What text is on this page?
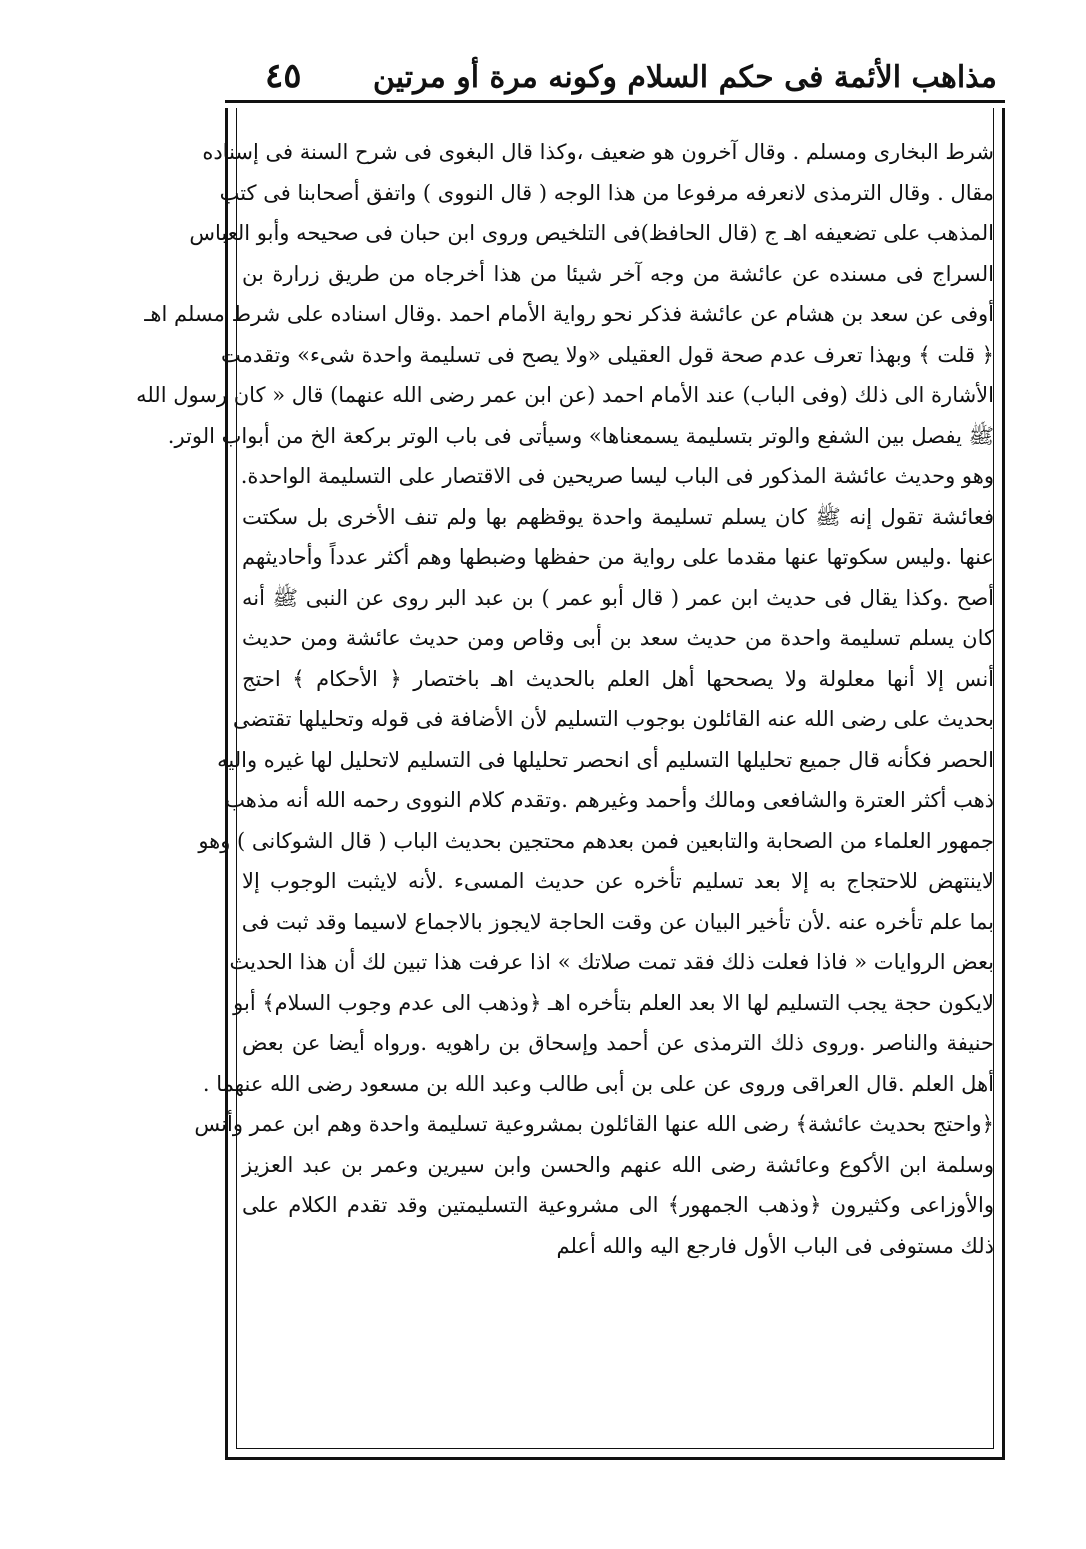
مذاهب الأئمة فى حكم السلام وكونه مرة أو مرتين
٤٥
شرط البخارى ومسلم . وقال آخرون هو ضعيف ،وكذا قال البغوى فى شرح السنة فى إسناده
مقال . وقال الترمذى لانعرفه مرفوعا من هذا الوجه ( قال النووى ) واتفق أصحابنا فى كتب
المذهب على تضعيفه اهـ ج (قال الحافظ)فى التلخيص وروى ابن حبان فى صحيحه وأبو العباس
السراج فى مسنده عن عائشة من وجه آخر شيئا من هذا أخرجاه من طريق زرارة بن
أوفى عن سعد بن هشام عن عائشة فذكر نحو رواية الأمام احمد .وقال اسناده على شرط مسلم اهـ
﴿ قلت ﴾ وبهذا تعرف عدم صحة قول العقيلى «ولا يصح فى تسليمة واحدة شىء» وتقدمت
الأشارة الى ذلك (وفى الباب) عند الأمام احمد (عن ابن عمر رضى الله عنهما) قال « كان رسول الله
ﷺ يفصل بين الشفع والوتر بتسليمة يسمعناها» وسيأتى فى باب الوتر بركعة الخ من أبواب الوتر.
وهو وحديث عائشة المذكور فى الباب ليسا صريحين فى الاقتصار على التسليمة الواحدة.
فعائشة تقول إنه ﷺ كان يسلم تسليمة واحدة يوقظهم بها ولم تنف الأخرى بل سكتت
عنها .وليس سكوتها عنها مقدما على رواية من حفظها وضبطها وهم أكثر عدداً وأحاديثهم
أصح .وكذا يقال فى حديث ابن عمر ( قال أبو عمر ) بن عبد البر روى عن النبى ﷺ أنه
كان يسلم تسليمة واحدة من حديث سعد بن أبى وقاص ومن حديث عائشة ومن حديث
أنس إلا أنها معلولة ولا يصححها أهل العلم بالحديث اهـ باختصار ﴿ الأحكام ﴾ احتج
بحديث على رضى الله عنه القائلون بوجوب التسليم لأن الأضافة فى قوله وتحليلها تقتضى
الحصر فكأنه قال جميع تحليلها التسليم أى انحصر تحليلها فى التسليم لاتحليل لها غيره واليه
ذهب أكثر العترة والشافعى ومالك وأحمد وغيرهم .وتقدم كلام النووى رحمه الله أنه مذهب
جمهور العلماء من الصحابة والتابعين فمن بعدهم محتجين بحديث الباب ( قال الشوكانى ) وهو
لاينتهض للاحتجاج به إلا بعد تسليم تأخره عن حديث المسىء .لأنه لايثبت الوجوب إلا
بما علم تأخره عنه .لأن تأخير البيان عن وقت الحاجة لايجوز بالاجماع لاسيما وقد ثبت فى
بعض الروايات « فاذا فعلت ذلك فقد تمت صلاتك » اذا عرفت هذا تبين لك أن هذا الحديث
لايكون حجة يجب التسليم لها الا بعد العلم بتأخره اهـ ﴿وذهب الى عدم وجوب السلام﴾ أبو
حنيفة والناصر .وروى ذلك الترمذى عن أحمد وإسحاق بن راهويه .ورواه أيضا عن بعض
أهل العلم .قال العراقى وروى عن على بن أبى طالب وعبد الله بن مسعود رضى الله عنهما .
﴿واحتج بحديث عائشة﴾ رضى الله عنها القائلون بمشروعية تسليمة واحدة وهم ابن عمر وأنس
وسلمة ابن الأكوع وعائشة رضى الله عنهم والحسن وابن سيرين وعمر بن عبد العزيز
والأوزاعى وكثيرون ﴿وذهب الجمهور﴾ الى مشروعية التسليمتين وقد تقدم الكلام على
ذلك مستوفى فى الباب الأول فارجع اليه والله أعلم
